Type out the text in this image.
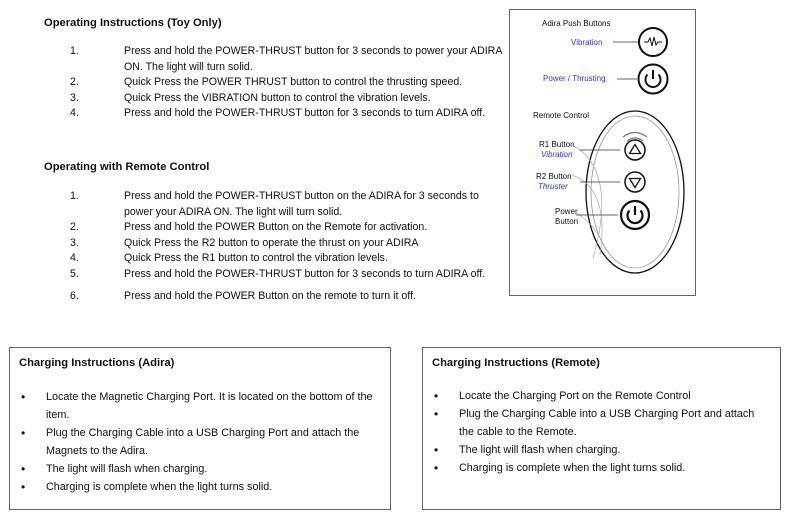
Operating Instructions (Toy Only)
1.	Press and hold the POWER-THRUST button for 3 seconds to power your ADIRA ON. The light will turn solid.
2.	Quick Press the POWER THRUST button to control the thrusting speed.
3.	Quick Press the VIBRATION button to control the vibration levels.
4.	Press and hold the POWER-THRUST button for 3 seconds to turn ADIRA off.
Operating with Remote Control
1.	Press and hold the POWER-THRUST button on the ADIRA for 3 seconds to power your ADIRA ON. The light will turn solid.
2.	Press and hold the POWER Button on the Remote for activation.
3.	Quick Press the R2 button to operate the thrust on your ADIRA
4.	Quick Press the R1 button to control the vibration levels.
5.	Press and hold the POWER-THRUST button for 3 seconds to turn ADIRA off.
6.	Press and hold the POWER Button on the remote to turn it off.
Adira Push Buttons
Vibration
Power / Thrusting
Remote Control
R1 Button
Vibration
R2 Button
Thruster
Power
Button
Charging Instructions (Adira)
• Locate the Magnetic Charging Port. It is located on the bottom of the item.
• Plug the Charging Cable into a USB Charging Port and attach the Magnets to the Adira.
• The light will flash when charging.
• Charging is complete when the light turns solid.
Charging Instructions (Remote)
• Locate the Charging Port on the Remote Control
• Plug the Charging Cable into a USB Charging Port and attach the cable to the Remote.
• The light will flash when charging.
• Charging is complete when the light turns solid.
